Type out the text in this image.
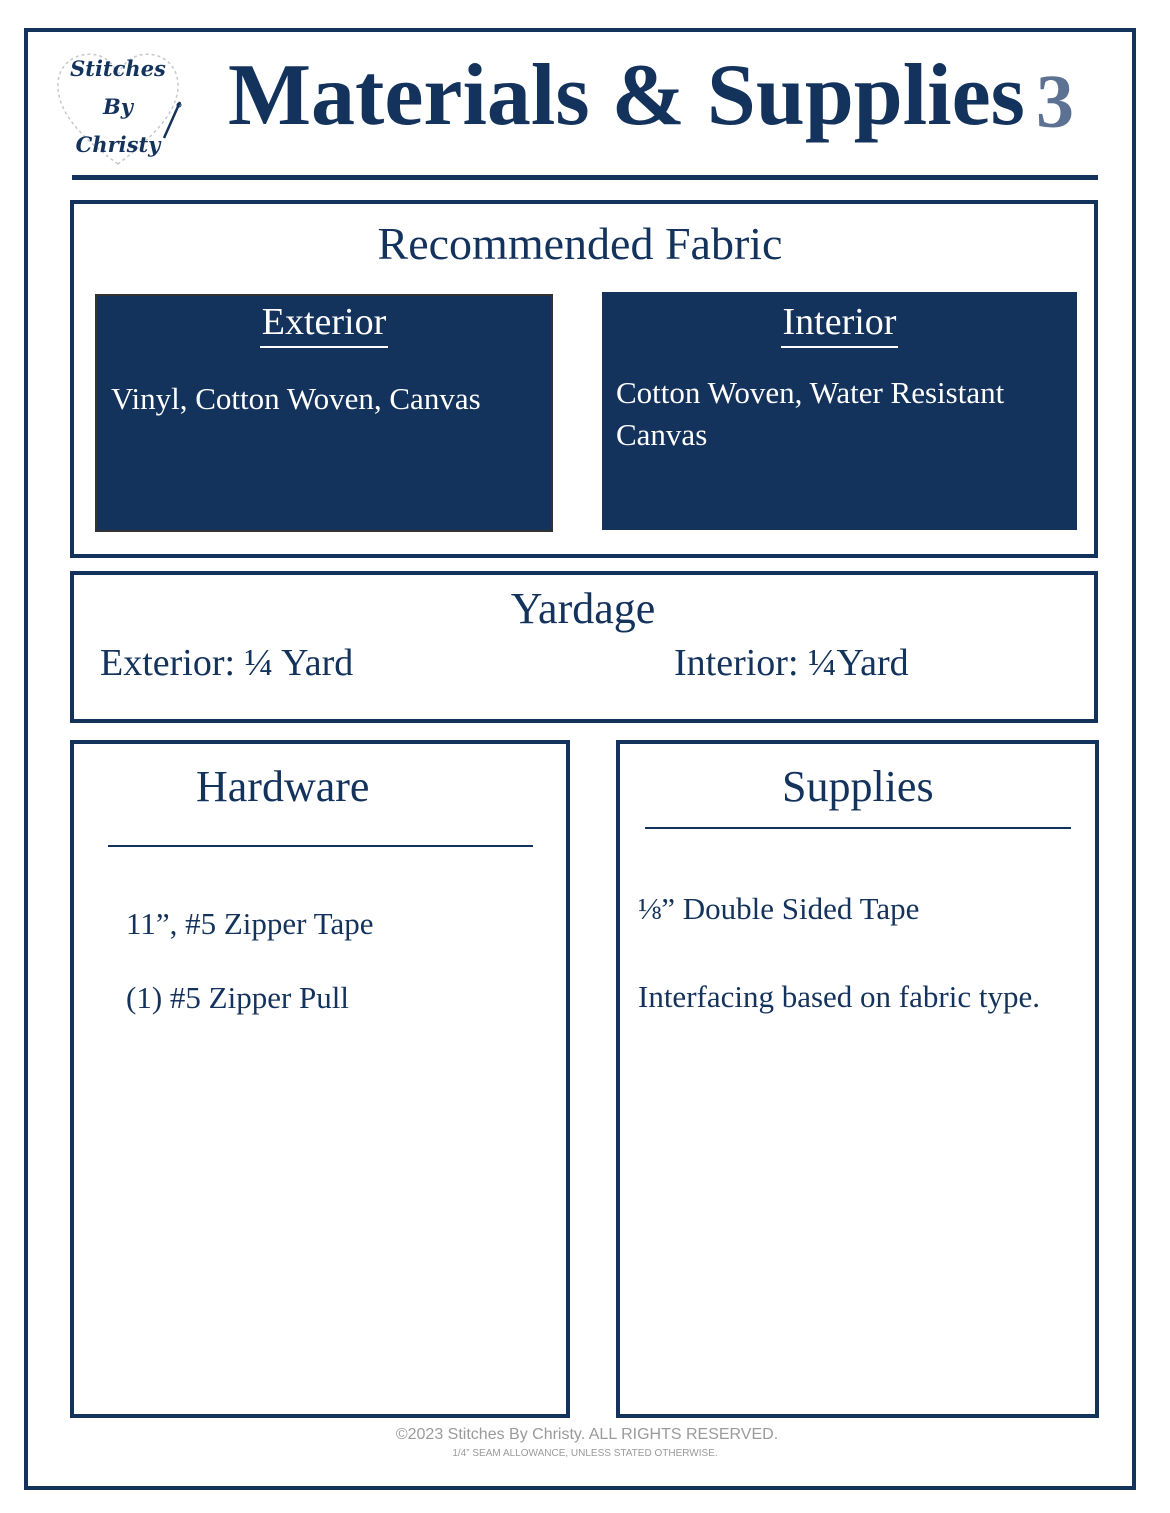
Stitches
By
Christy
Materials & Supplies 3
Recommended Fabric
Exterior
Vinyl, Cotton Woven, Canvas
Interior
Cotton Woven, Water Resistant Canvas
Yardage
Exterior: ¼ Yard	Interior: ¼Yard
Hardware
11”, #5 Zipper Tape
(1) #5 Zipper Pull
Supplies
⅛” Double Sided Tape
Interfacing based on fabric type.
©2023 Stitches By Christy. ALL RIGHTS RESERVED.
1/4” SEAM ALLOWANCE, UNLESS STATED OTHERWISE.
